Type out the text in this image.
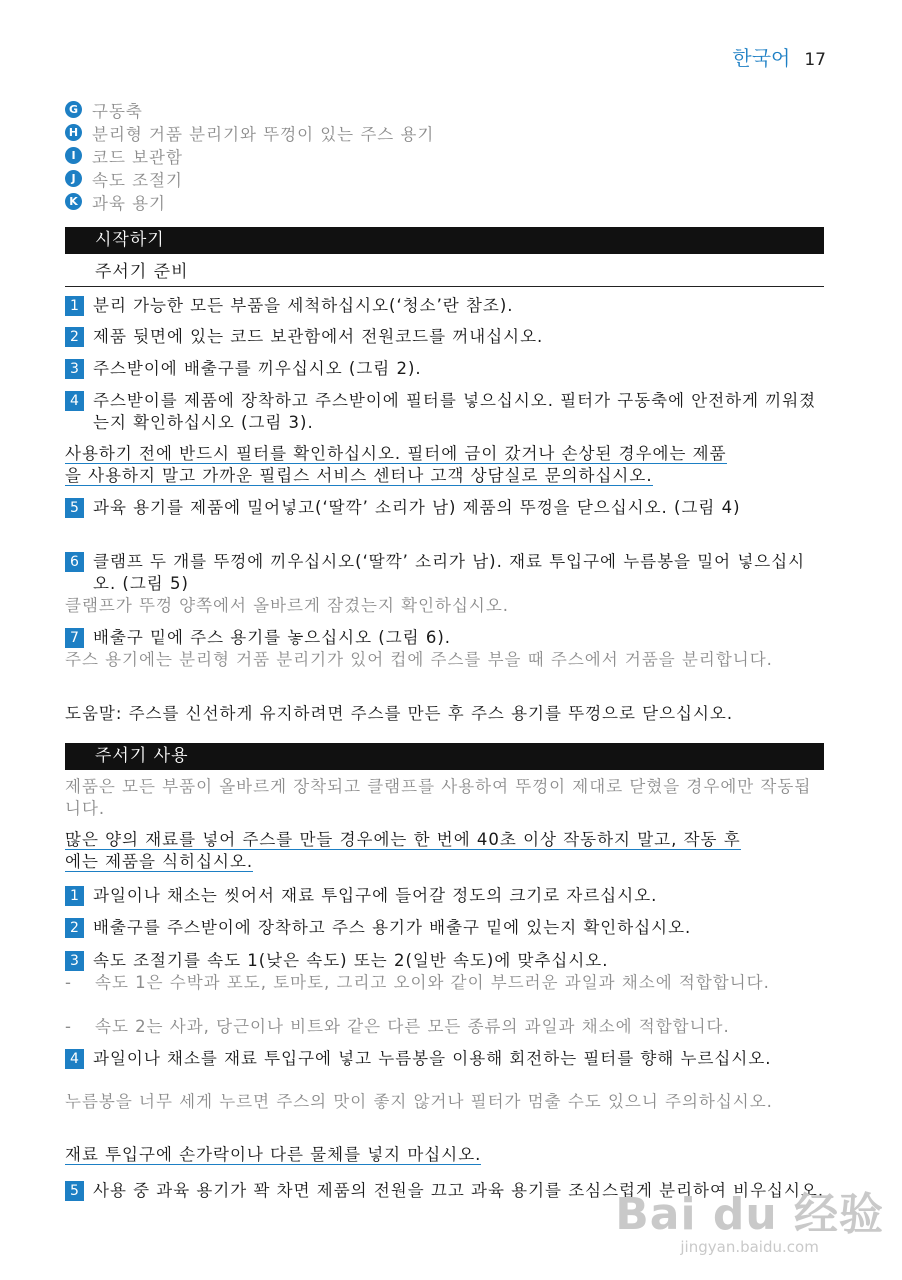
한국어 17
G 구동축
H 분리형 거품 분리기와 뚜껑이 있는 주스 용기
I 코드 보관함
J 속도 조절기
K 과육 용기
시작하기
주서기 준비
1 분리 가능한 모든 부품을 세척하십시오(‘청소’란 참조).
2 제품 뒷면에 있는 코드 보관함에서 전원코드를 꺼내십시오.
3 주스받이에 배출구를 끼우십시오 (그림 2).
4 주스받이를 제품에 장착하고 주스받이에 필터를 넣으십시오. 필터가 구동축에 안전하게 끼워졌는지 확인하십시오 (그림 3).
사용하기 전에 반드시 필터를 확인하십시오. 필터에 금이 갔거나 손상된 경우에는 제품
을 사용하지 말고 가까운 필립스 서비스 센터나 고객 상담실로 문의하십시오.
5 과육 용기를 제품에 밀어넣고(‘딸깍’ 소리가 남) 제품의 뚜껑을 닫으십시오. (그림 4)
6 클램프 두 개를 뚜껑에 끼우십시오(‘딸깍’ 소리가 남). 재료 투입구에 누름봉을 밀어 넣으십시오. (그림 5)
클램프가 뚜껑 양쪽에서 올바르게 잠겼는지 확인하십시오.
7 배출구 밑에 주스 용기를 놓으십시오 (그림 6).
주스 용기에는 분리형 거품 분리기가 있어 컵에 주스를 부을 때 주스에서 거품을 분리합니다.
도움말: 주스를 신선하게 유지하려면 주스를 만든 후 주스 용기를 뚜껑으로 닫으십시오.
주서기 사용
제품은 모든 부품이 올바르게 장착되고 클램프를 사용하여 뚜껑이 제대로 닫혔을 경우에만 작동됩니다.
많은 양의 재료를 넣어 주스를 만들 경우에는 한 번에 40초 이상 작동하지 말고, 작동 후
에는 제품을 식히십시오.
1 과일이나 채소는 씻어서 재료 투입구에 들어갈 정도의 크기로 자르십시오.
2 배출구를 주스받이에 장착하고 주스 용기가 배출구 밑에 있는지 확인하십시오.
3 속도 조절기를 속도 1(낮은 속도) 또는 2(일반 속도)에 맞추십시오.
-	속도 1은 수박과 포도, 토마토, 그리고 오이와 같이 부드러운 과일과 채소에 적합합니다.
-	속도 2는 사과, 당근이나 비트와 같은 다른 모든 종류의 과일과 채소에 적합합니다.
4 과일이나 채소를 재료 투입구에 넣고 누름봉을 이용해 회전하는 필터를 향해 누르십시오.
누름봉을 너무 세게 누르면 주스의 맛이 좋지 않거나 필터가 멈출 수도 있으니 주의하십시오.
재료 투입구에 손가락이나 다른 물체를 넣지 마십시오.
5 사용 중 과육 용기가 꽉 차면 제품의 전원을 끄고 과육 용기를 조심스럽게 분리하여 비우십시오.
Bai du 经验
jingyan.baidu.com
